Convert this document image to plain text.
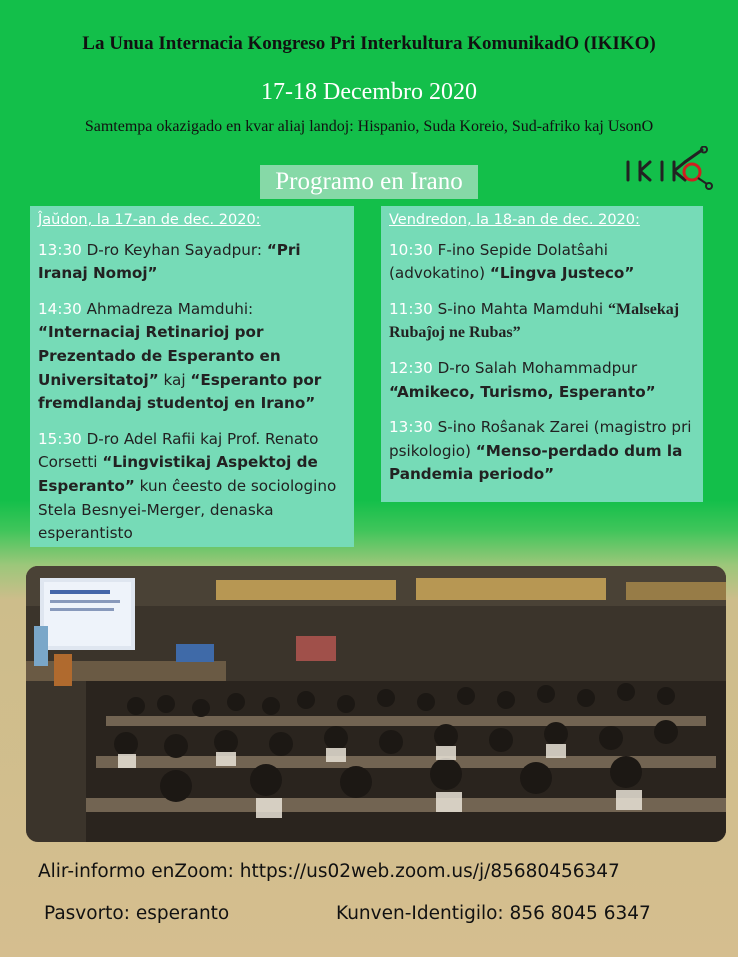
La Unua Internacia Kongreso Pri Interkultura KomunikadO (IKIKO)
17-18 Decembro 2020
Samtempa okazigado en kvar aliaj landoj: Hispanio, Suda Koreio, Sud-afriko kaj UsonO
Programo en Irano
Ĵaŭdon, la 17-an de dec. 2020:
13:30 D-ro Keyhan Sayadpur: “Pri Iranaj Nomoj”
14:30 Ahmadreza Mamduhi: “Internaciaj Retinarioj por Prezentado de Esperanto en Universitatoj” kaj “Esperanto por fremdlandaj studentoj en Irano”
15:30 D-ro Adel Rafii kaj Prof. Renato Corsetti “Lingvistikaj Aspektoj de Esperanto” kun ĉeesto de sociologino Stela Besnyei-Merger, denaska esperantisto
Vendredon, la 18-an de dec. 2020:
10:30 F-ino Sepide Dolatŝahi (advokatino) “Lingva Justeco”
11:30 S-ino Mahta Mamduhi “Malsekaj Rubaĵoj ne Rubas”
12:30 D-ro Salah Mohammadpur “Amikeco, Turismo, Esperanto”
13:30 S-ino Roŝanak Zarei (magistro pri psikologio) “Menso-perdado dum la Pandemia periodo”
Alir-informo enZoom: https://us02web.zoom.us/j/85680456347
Pasvorto: esperanto	Kunven-Identigilo: 856 8045 6347
